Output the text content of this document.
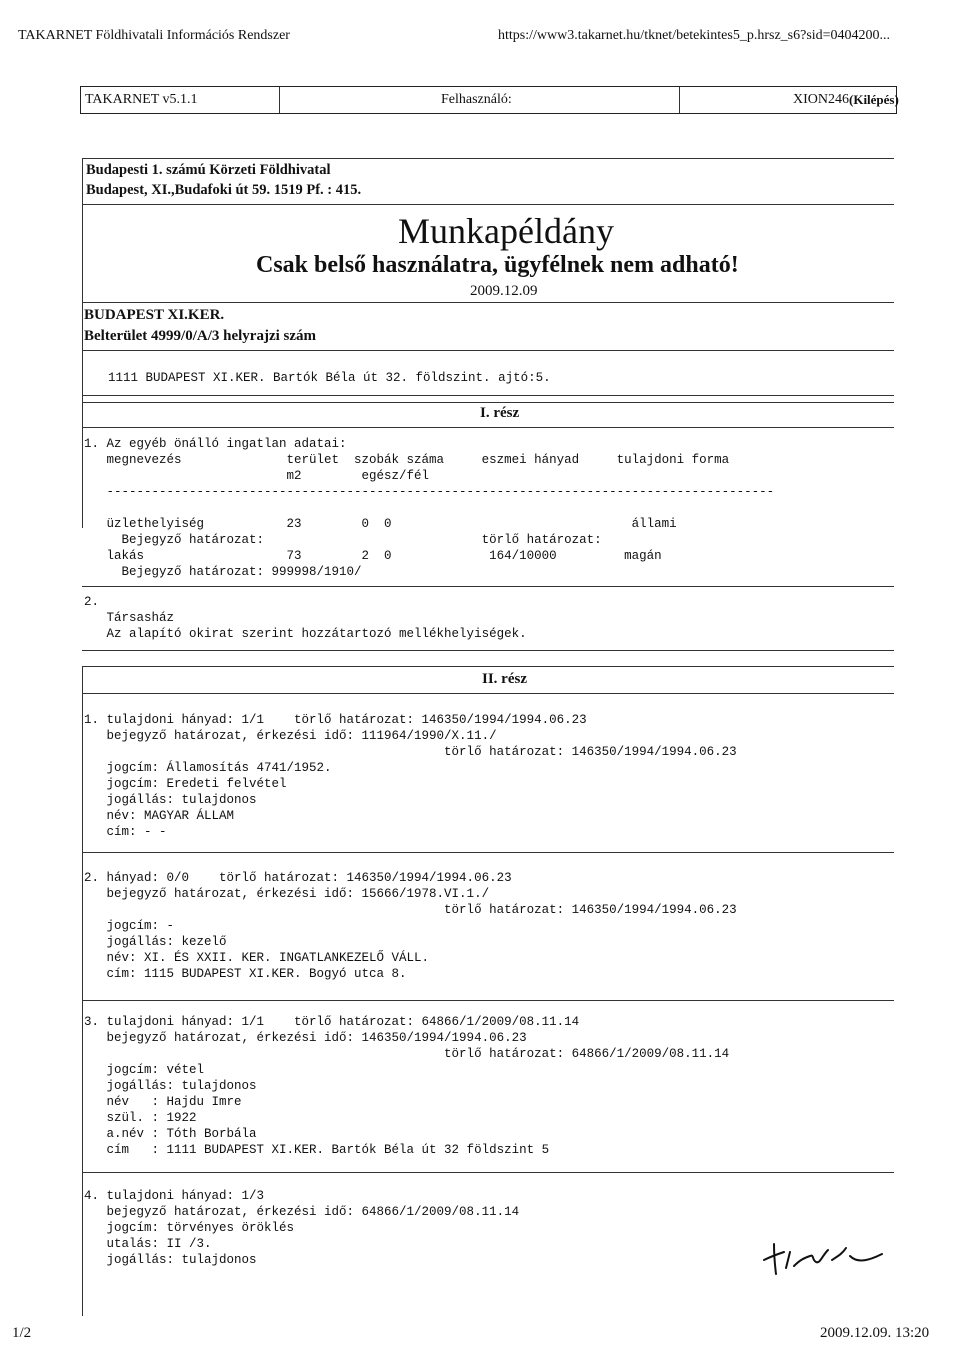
TAKARNET Földhivatali Információs Rendszer	https://www3.takarnet.hu/tknet/betekintes5_p.hrsz_s6?sid=0404200...
TAKARNET v5.1.1	Felhasználó:	XION246 (Kilépés)
Budapesti 1. számú Körzeti Földhivatal
Budapest, XI.,Budafoki út 59. 1519 Pf. : 415.
Munkapéldány
Csak belső használatra, ügyfélnek nem adható!
2009.12.09
BUDAPEST XI.KER.
Belterület 4999/0/A/3 helyrajzi szám
1111 BUDAPEST XI.KER. Bartók Béla út 32. földszint. ajtó:5.
I. rész
1. Az egyéb önálló ingatlan adatai:
megnevezés              terület  szobák száma     eszmei hányad     tulajdoni forma
m2        egész/fél
-----------------------------------------------------------------------------------------

üzlethelyiség           23        0  0                                állami
Bejegyző határozat:                             törlő határozat:
lakás                   73        2  0             164/10000         magán
Bejegyző határozat: 999998/1910/
2.
Társasház
Az alapító okirat szerint hozzátartozó mellékhelyiségek.
II. rész
1. tulajdoni hányad: 1/1    törlő határozat: 146350/1994/1994.06.23
bejegyző határozat, érkezési idő: 111964/1990/X.11./
törlő határozat: 146350/1994/1994.06.23
jogcím: Államosítás 4741/1952.
jogcím: Eredeti felvétel
jogállás: tulajdonos
név: MAGYAR ÁLLAM
cím: - -
2. hányad: 0/0    törlő határozat: 146350/1994/1994.06.23
bejegyző határozat, érkezési idő: 15666/1978.VI.1./
törlő határozat: 146350/1994/1994.06.23
jogcím: -
jogállás: kezelő
név: XI. ÉS XXII. KER. INGATLANKEZELŐ VÁLL.
cím: 1115 BUDAPEST XI.KER. Bogyó utca 8.
3. tulajdoni hányad: 1/1    törlő határozat: 64866/1/2009/08.11.14
bejegyző határozat, érkezési idő: 146350/1994/1994.06.23
törlő határozat: 64866/1/2009/08.11.14
jogcím: vétel
jogállás: tulajdonos
név   : Hajdu Imre
szül. : 1922
a.név : Tóth Borbála
cím   : 1111 BUDAPEST XI.KER. Bartók Béla út 32 földszint 5
4. tulajdoni hányad: 1/3
bejegyző határozat, érkezési idő: 64866/1/2009/08.11.14
jogcím: törvényes öröklés
utalás: II /3.
jogállás: tulajdonos
1/2	2009.12.09. 13:20
